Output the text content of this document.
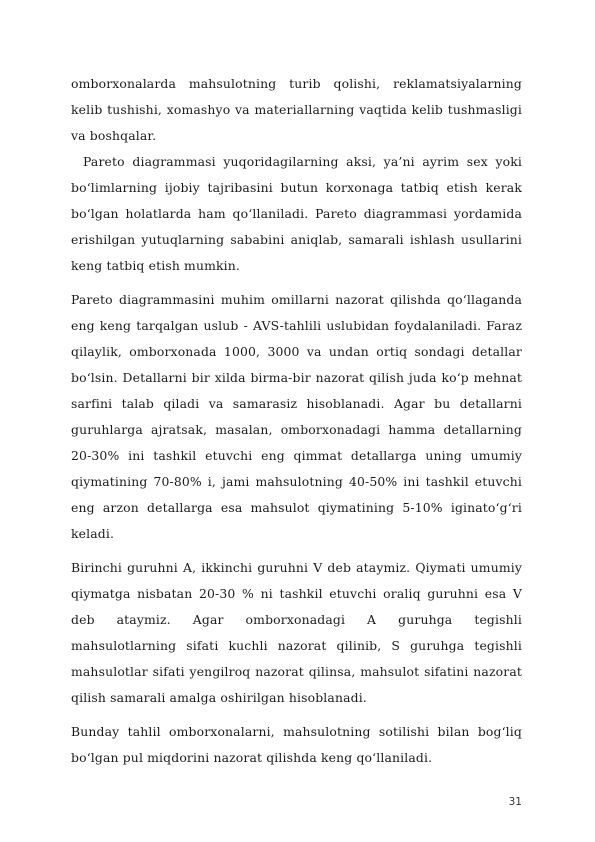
omborxonalarda mahsulotning turib qolishi, reklamatsiyalarning kelib tushishi, xomashyo va materiallarning vaqtida kelib tushmasligi va boshqalar.

Pareto diagrammasi yuqoridagilarning aksi, ya’ni ayrim sex yoki bo‘limlarning ijobiy tajribasini butun korxonaga tatbiq etish kerak bo‘lgan holatlarda ham qo‘llaniladi. Pareto diagrammasi yordamida erishilgan yutuqlarning sababini aniqlab, samarali ishlash usullarini keng tatbiq etish mumkin.

Pareto diagrammasini muhim omillarni nazorat qilishda qo‘llaganda eng keng tarqalgan uslub - AVS-tahlili uslubidan foydalaniladi. Faraz qilaylik, omborxonada 1000, 3000 va undan ortiq sondagi detallar bo‘lsin. Detallarni bir xilda birma-bir nazorat qilish juda ko‘p mehnat sarfini talab qiladi va samarasiz hisoblanadi. Agar bu detallarni guruhlarga ajratsak, masalan, omborxonadagi hamma detallarning 20-30% ini tashkil etuvchi eng qimmat detallarga uning umumiy qiymatining 70-80% i, jami mahsulotning 40-50% ini tashkil etuvchi eng arzon detallarga esa mahsulot qiymatining 5-10% iginato‘g‘ri keladi.

Birinchi guruhni A, ikkinchi guruhni V deb ataymiz. Qiymati umumiy qiymatga nisbatan 20-30 % ni tashkil etuvchi oraliq guruhni esa V deb ataymiz. Agar omborxonadagi A guruhga tegishli mahsulotlarning sifati kuchli nazorat qilinib, S guruhga tegishli mahsulotlar sifati yengilroq nazorat qilinsa, mahsulot sifatini nazorat qilish samarali amalga oshirilgan hisoblanadi.

Bunday tahlil omborxonalarni, mahsulotning sotilishi bilan bog‘liq bo‘lgan pul miqdorini nazorat qilishda keng qo‘llaniladi.

31
